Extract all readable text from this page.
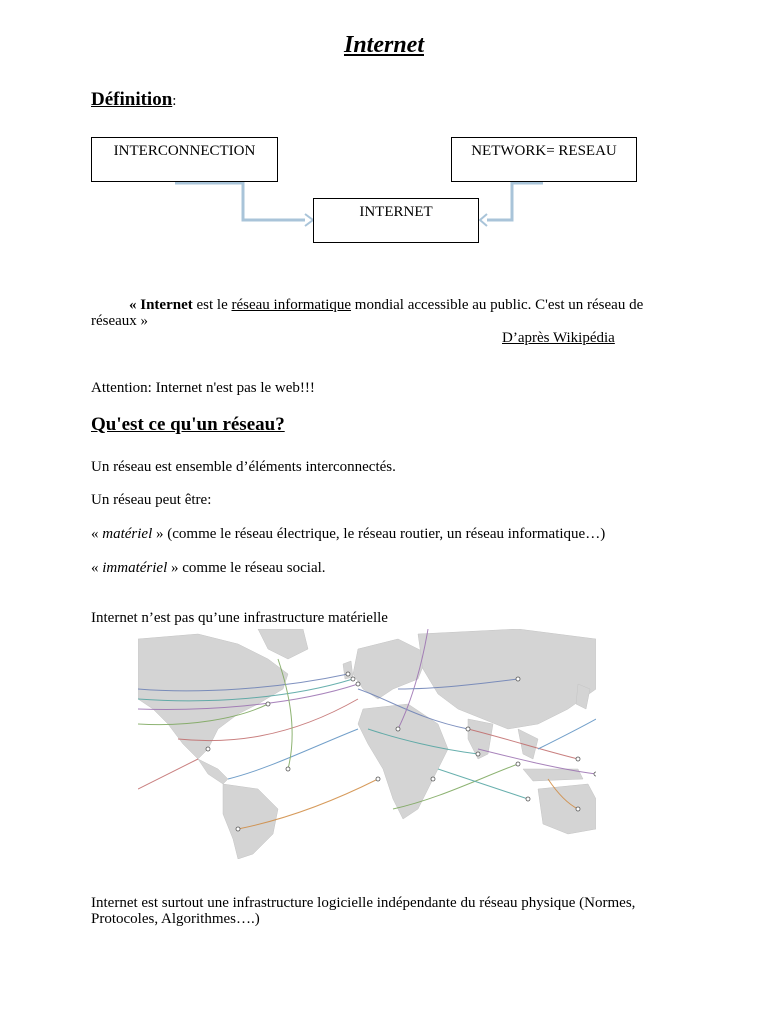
Internet
Définition:
INTERCONNECTION	NETWORK= RESEAU
INTERNET
« Internet est le réseau informatique mondial accessible au public. C'est un réseau de
réseaux »
D’après Wikipédia
Attention: Internet n'est pas le web!!!
Qu'est ce qu'un réseau?
Un réseau est ensemble d’éléments interconnectés.
Un réseau peut être:
« matériel » (comme le réseau électrique, le réseau routier, un réseau informatique…)
« immatériel » comme le réseau social.
Internet n’est pas qu’une infrastructure matérielle
Internet est surtout une infrastructure logicielle indépendante du réseau physique (Normes,
Protocoles, Algorithmes….)
